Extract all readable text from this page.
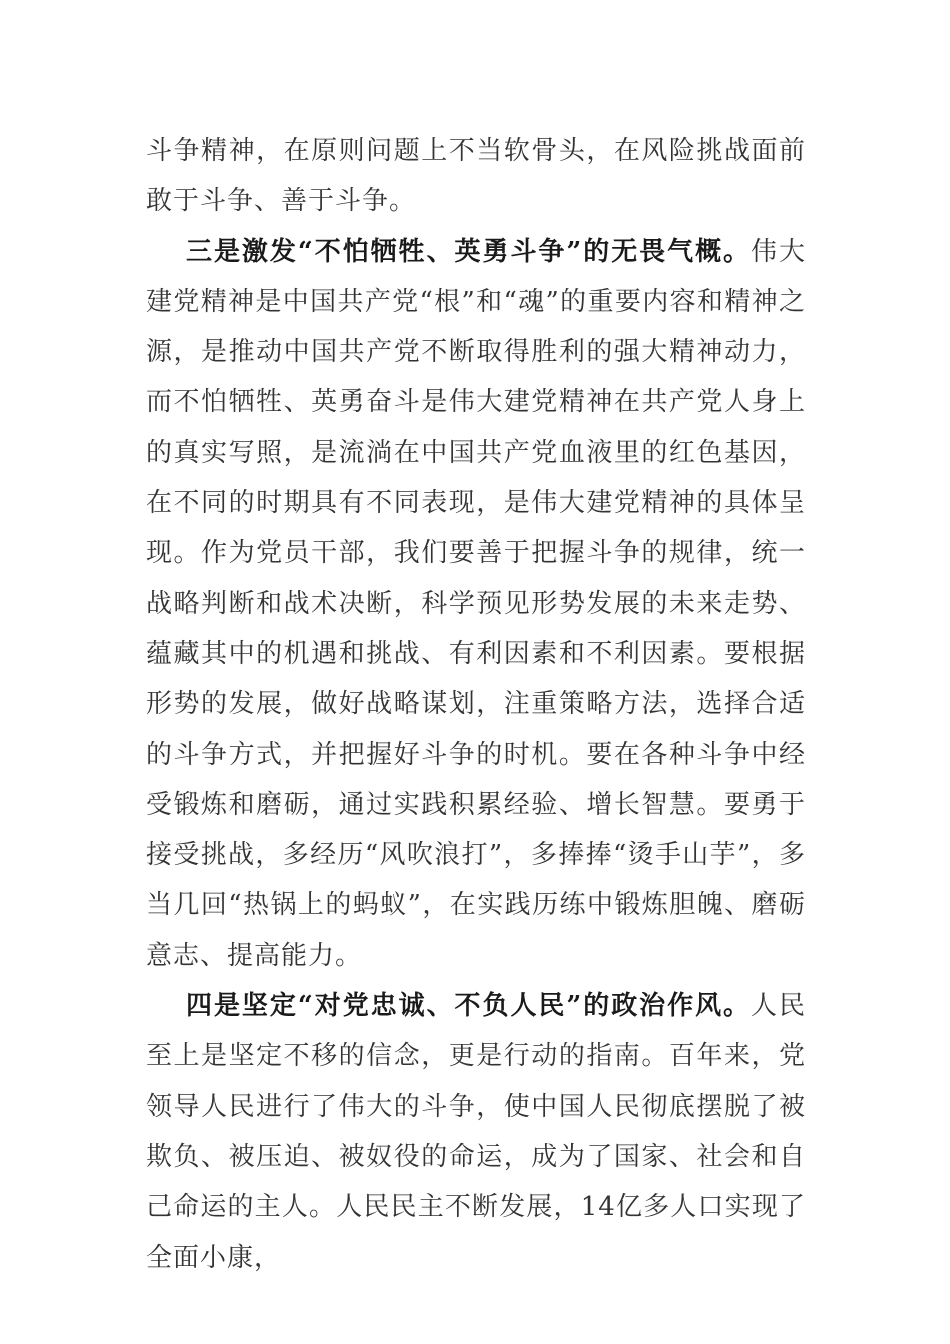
斗争精神，在原则问题上不当软骨头，在风险挑战面前敢于斗争、善于斗争。

三是激发“不怕牺牲、英勇斗争”的无畏气概。伟大建党精神是中国共产党“根”和“魂”的重要内容和精神之源，是推动中国共产党不断取得胜利的强大精神动力，而不怕牺牲、英勇奋斗是伟大建党精神在共产党人身上的真实写照，是流淌在中国共产党血液里的红色基因，在不同的时期具有不同表现，是伟大建党精神的具体呈现。作为党员干部，我们要善于把握斗争的规律，统一战略判断和战术决断，科学预见形势发展的未来走势、蕴藏其中的机遇和挑战、有利因素和不利因素。要根据形势的发展，做好战略谋划，注重策略方法，选择合适的斗争方式，并把握好斗争的时机。要在各种斗争中经受锻炼和磨砺，通过实践积累经验、增长智慧。要勇于接受挑战，多经历“风吹浪打”，多捧捧“烫手山芋”，多当几回“热锅上的蚂蚁”，在实践历练中锻炼胆魄、磨砺意志、提高能力。

四是坚定“对党忠诚、不负人民”的政治作风。人民至上是坚定不移的信念，更是行动的指南。百年来，党领导人民进行了伟大的斗争，使中国人民彻底摆脱了被欺负、被压迫、被奴役的命运，成为了国家、社会和自己命运的主人。人民民主不断发展，14亿多人口实现了全面小康，
